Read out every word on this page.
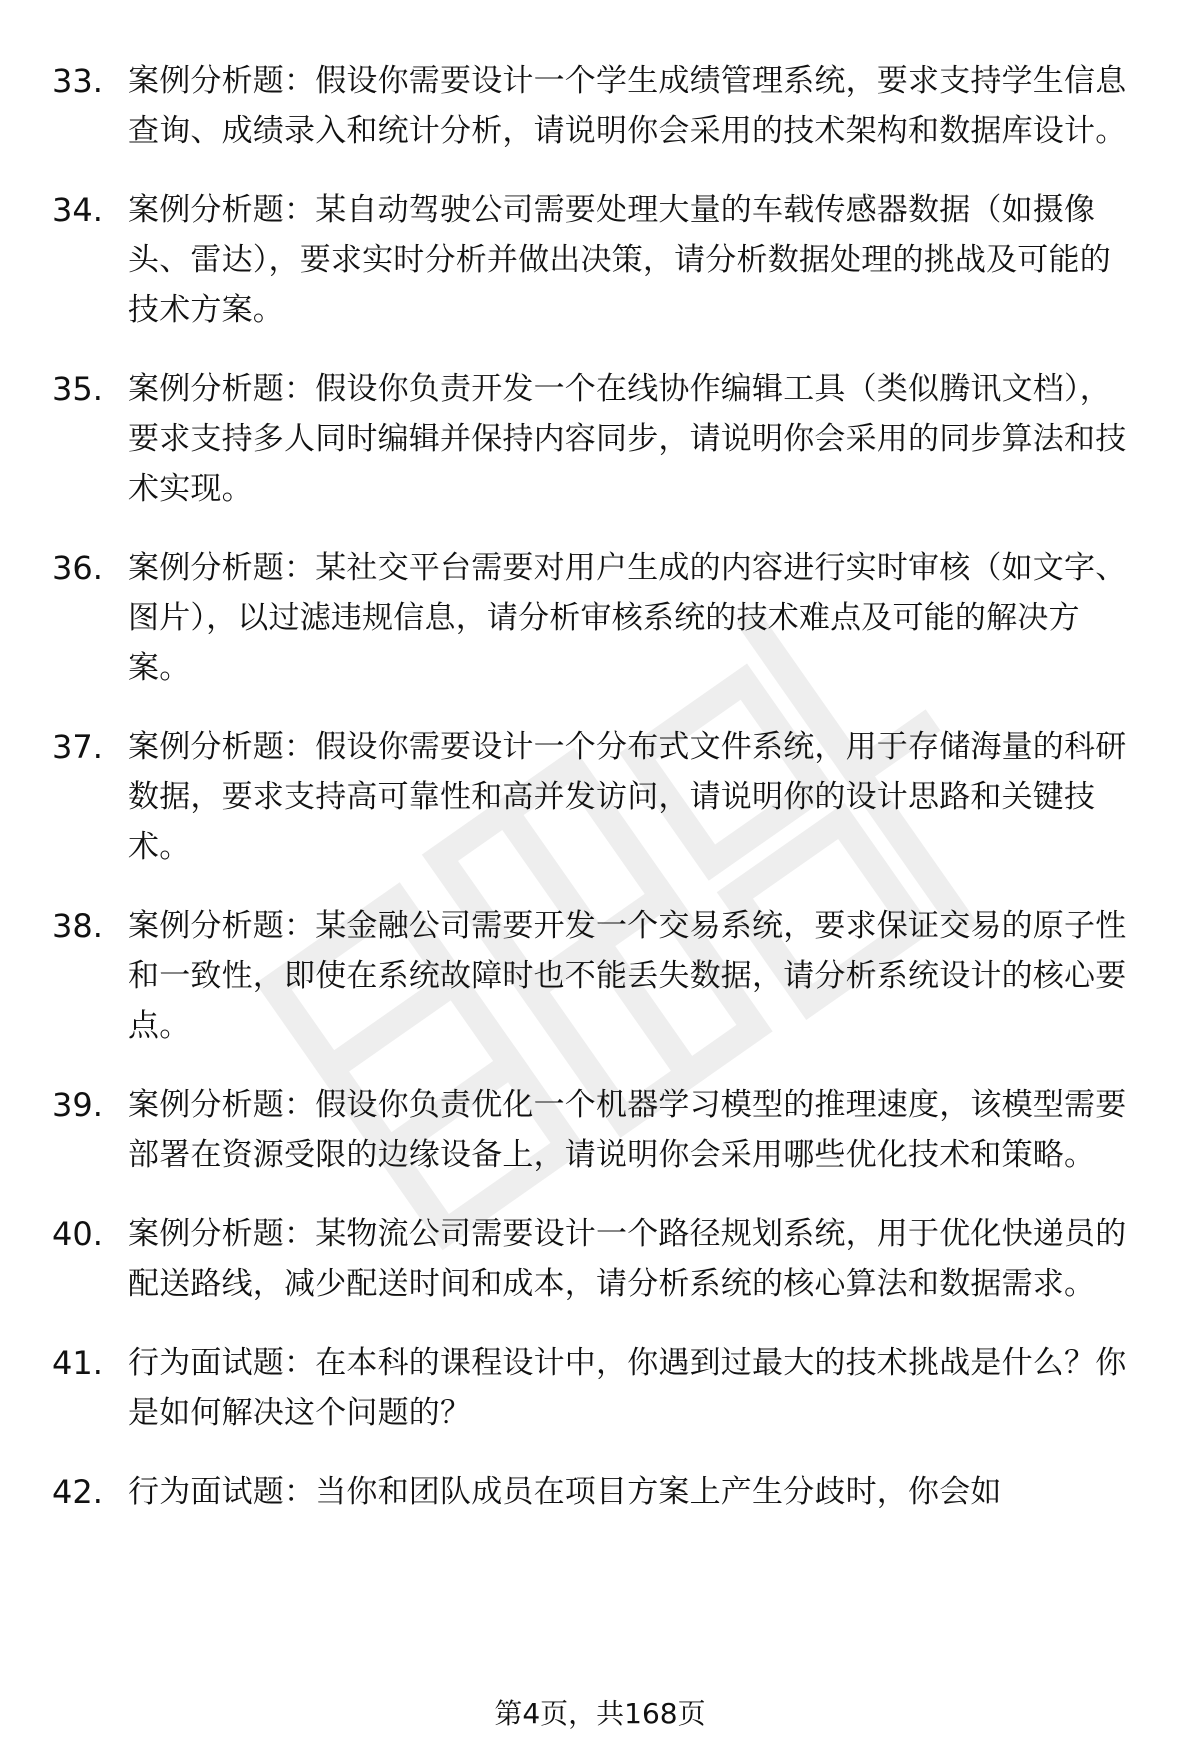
33. 案例分析题：假设你需要设计一个学生成绩管理系统，要求支持学生信息查询、成绩录入和统计分析，请说明你会采用的技术架构和数据库设计。
34. 案例分析题：某自动驾驶公司需要处理大量的车载传感器数据（如摄像头、雷达），要求实时分析并做出决策，请分析数据处理的挑战及可能的技术方案。
35. 案例分析题：假设你负责开发一个在线协作编辑工具（类似腾讯文档），要求支持多人同时编辑并保持内容同步，请说明你会采用的同步算法和技术实现。
36. 案例分析题：某社交平台需要对用户生成的内容进行实时审核（如文字、图片），以过滤违规信息，请分析审核系统的技术难点及可能的解决方案。
37. 案例分析题：假设你需要设计一个分布式文件系统，用于存储海量的科研数据，要求支持高可靠性和高并发访问，请说明你的设计思路和关键技术。
38. 案例分析题：某金融公司需要开发一个交易系统，要求保证交易的原子性和一致性，即使在系统故障时也不能丢失数据，请分析系统设计的核心要点。
39. 案例分析题：假设你负责优化一个机器学习模型的推理速度，该模型需要部署在资源受限的边缘设备上，请说明你会采用哪些优化技术和策略。
40. 案例分析题：某物流公司需要设计一个路径规划系统，用于优化快递员的配送路线，减少配送时间和成本，请分析系统的核心算法和数据需求。
41. 行为面试题：在本科的课程设计中，你遇到过最大的技术挑战是什么？你是如何解决这个问题的？
42. 行为面试题：当你和团队成员在项目方案上产生分歧时，你会如
第4页，共168页
